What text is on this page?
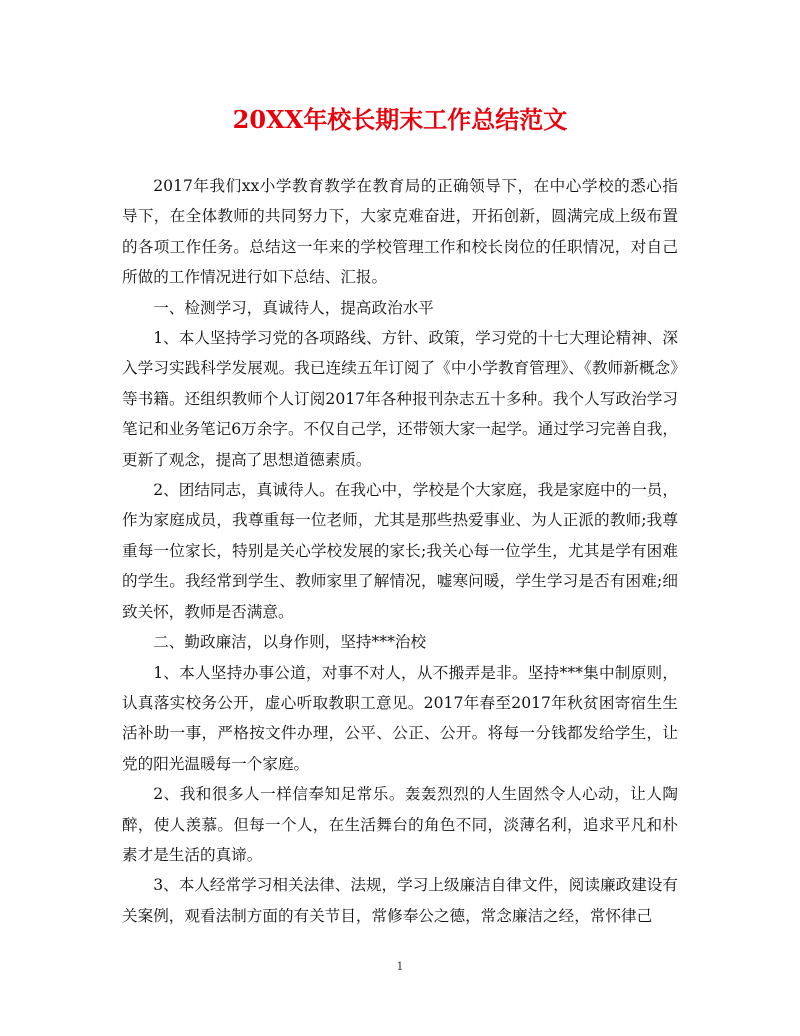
20XX年校长期末工作总结范文

2017年我们xx小学教育教学在教育局的正确领导下，在中心学校的悉心指导下，在全体教师的共同努力下，大家克难奋进，开拓创新，圆满完成上级布置的各项工作任务。总结这一年来的学校管理工作和校长岗位的任职情况，对自己所做的工作情况进行如下总结、汇报。

一、检测学习，真诚待人，提高政治水平

1、本人坚持学习党的各项路线、方针、政策，学习党的十七大理论精神、深入学习实践科学发展观。我已连续五年订阅了《中小学教育管理》、《教师新概念》等书籍。还组织教师个人订阅2017年各种报刊杂志五十多种。我个人写政治学习笔记和业务笔记6万余字。不仅自己学，还带领大家一起学。通过学习完善自我，更新了观念，提高了思想道德素质。

2、团结同志，真诚待人。在我心中，学校是个大家庭，我是家庭中的一员，作为家庭成员，我尊重每一位老师，尤其是那些热爱事业、为人正派的教师;我尊重每一位家长，特别是关心学校发展的家长;我关心每一位学生，尤其是学有困难的学生。我经常到学生、教师家里了解情况，嘘寒问暖，学生学习是否有困难;细致关怀，教师是否满意。

二、勤政廉洁，以身作则，坚持***治校

1、本人坚持办事公道，对事不对人，从不搬弄是非。坚持***集中制原则，认真落实校务公开，虚心听取教职工意见。2017年春至2017年秋贫困寄宿生生活补助一事，严格按文件办理，公平、公正、公开。将每一分钱都发给学生，让党的阳光温暖每一个家庭。

2、我和很多人一样信奉知足常乐。轰轰烈烈的人生固然令人心动，让人陶醉，使人羡慕。但每一个人，在生活舞台的角色不同，淡薄名利，追求平凡和朴素才是生活的真谛。

3、本人经常学习相关法律、法规，学习上级廉洁自律文件，阅读廉政建设有关案例，观看法制方面的有关节目，常修奉公之德，常念廉洁之经，常怀律己

1
